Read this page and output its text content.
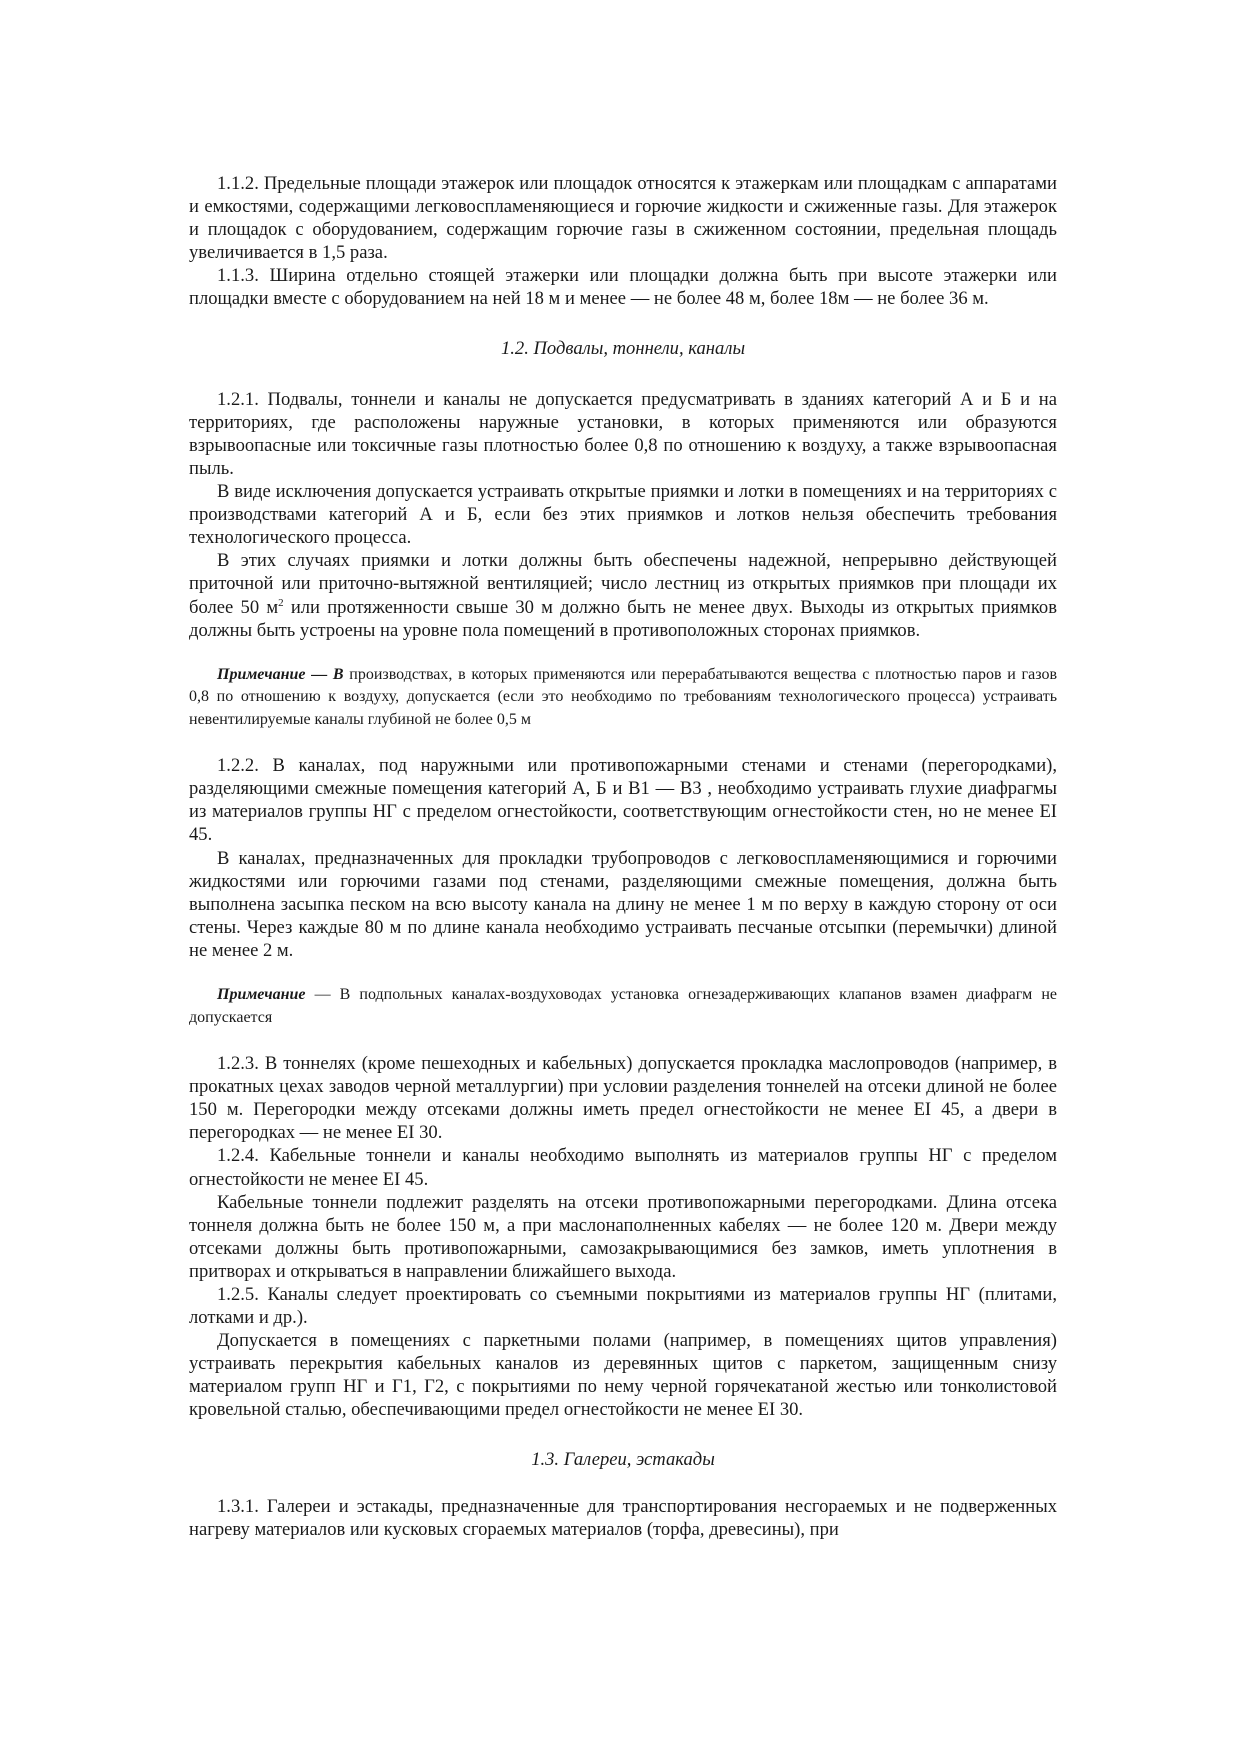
1.1.2. Предельные площади этажерок или площадок относятся к этажеркам или площадкам с аппаратами и емкостями, содержащими легковоспламеняющиеся и горючие жидкости и сжиженные газы. Для этажерок и площадок с оборудованием, содержащим горючие газы в сжиженном состоянии, предельная площадь увеличивается в 1,5 раза.

1.1.3. Ширина отдельно стоящей этажерки или площадки должна быть при высоте этажерки или площадки вместе с оборудованием на ней 18 м и менее — не более 48 м, более 18м — не более 36 м.

1.2. Подвалы, тоннели, каналы

1.2.1. Подвалы, тоннели и каналы не допускается предусматривать в зданиях категорий А и Б и на территориях, где расположены наружные установки, в которых применяются или образуются взрывоопасные или токсичные газы плотностью более 0,8 по отношению к воздуху, а также взрывоопасная пыль.

В виде исключения допускается устраивать открытые приямки и лотки в помещениях и на территориях с производствами категорий А и Б, если без этих приямков и лотков нельзя обеспечить требования технологического процесса.

В этих случаях приямки и лотки должны быть обеспечены надежной, непрерывно действующей приточной или приточно-вытяжной вентиляцией; число лестниц из открытых приямков при площади их более 50 $м^2$ или протяженности свыше 30 м должно быть не менее двух. Выходы из открытых приямков должны быть устроены на уровне пола помещений в противоположных сторонах приямков.

Примечание — В производствах, в которых применяются или перерабатываются вещества с плотностью паров и газов 0,8 по отношению к воздуху, допускается (если это необходимо по требованиям технологического процесса) устраивать невентилируемые каналы глубиной не более 0,5 м

1.2.2. В каналах, под наружными или противопожарными стенами и стенами (перегородками), разделяющими смежные помещения категорий А, Б и В1 — В3 , необходимо устраивать глухие диафрагмы из материалов группы НГ с пределом огнестойкости, соответствующим огнестойкости стен, но не менее EI 45.

В каналах, предназначенных для прокладки трубопроводов с легковоспламеняющимися и горючими жидкостями или горючими газами под стенами, разделяющими смежные помещения, должна быть выполнена засыпка песком на всю высоту канала на длину не менее 1 м по верху в каждую сторону от оси стены. Через каждые 80 м по длине канала необходимо устраивать песчаные отсыпки (перемычки) длиной не менее 2 м.

Примечание — В подпольных каналах-воздуховодах установка огнезадерживающих клапанов взамен диафрагм не допускается

1.2.3. В тоннелях (кроме пешеходных и кабельных) допускается прокладка маслопроводов (например, в прокатных цехах заводов черной металлургии) при условии разделения тоннелей на отсеки длиной не более 150 м. Перегородки между отсеками должны иметь предел огнестойкости не менее EI 45, а двери в перегородках — не менее EI 30.

1.2.4. Кабельные тоннели и каналы необходимо выполнять из материалов группы НГ с пределом огнестойкости не менее EI 45.

Кабельные тоннели подлежит разделять на отсеки противопожарными перегородками. Длина отсека тоннеля должна быть не более 150 м, а при маслонаполненных кабелях — не более 120 м. Двери между отсеками должны быть противопожарными, самозакрывающимися без замков, иметь уплотнения в притворах и открываться в направлении ближайшего выхода.

1.2.5. Каналы следует проектировать со съемными покрытиями из материалов группы НГ (плитами, лотками и др.).

Допускается в помещениях с паркетными полами (например, в помещениях щитов управления) устраивать перекрытия кабельных каналов из деревянных щитов с паркетом, защищенным снизу материалом групп НГ и Г1, Г2, с покрытиями по нему черной горячекатаной жестью или тонколистовой кровельной сталью, обеспечивающими предел огнестойкости не менее EI 30.

1.3. Галереи, эстакады

1.3.1. Галереи и эстакады, предназначенные для транспортирования несгораемых и не подверженных нагреву материалов или кусковых сгораемых материалов (торфа, древесины), при
